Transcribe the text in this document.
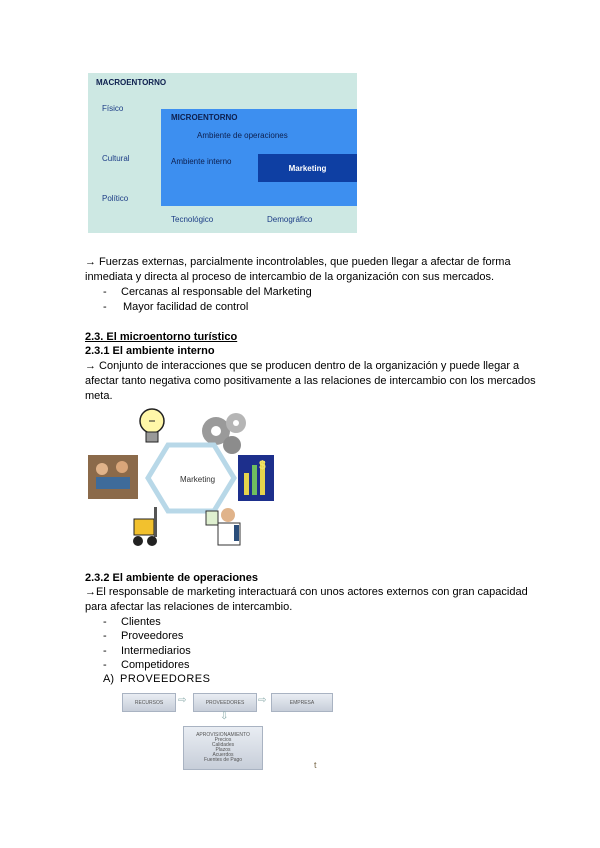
MACROENTORNO
Físico
Cultural
Político
MICROENTORNO
Ambiente de operaciones
Ambiente interno
Marketing
Tecnológico	Demográfico
→ Fuerzas externas, parcialmente incontrolables, que pueden llegar a afectar de forma
inmediata y directa al proceso de intercambio de la organización con sus mercados.
- Cercanas al responsable del Marketing
- Mayor facilidad de control
2.3. El microentorno turístico
2.3.1 El ambiente interno
→ Conjunto de interacciones que se producen dentro de la organización y puede llegar a
afectar tanto negativa como positivamente a las relaciones de intercambio con los mercados
meta.
Marketing
$
2.3.2 El ambiente de operaciones
→El responsable de marketing interactuará con unos actores externos con gran capacidad
para afectar las relaciones de intercambio.
- Clientes
- Proveedores
- Intermediarios
- Competidores
A) PROVEEDORES
RECURSOS	⇨	PROVEEDORES	⇨	EMPRESA
⇩
APROVISIONAMIENTO
Precios
Calidades
Plazos
Acuerdos
Fuentes de Pago	t
